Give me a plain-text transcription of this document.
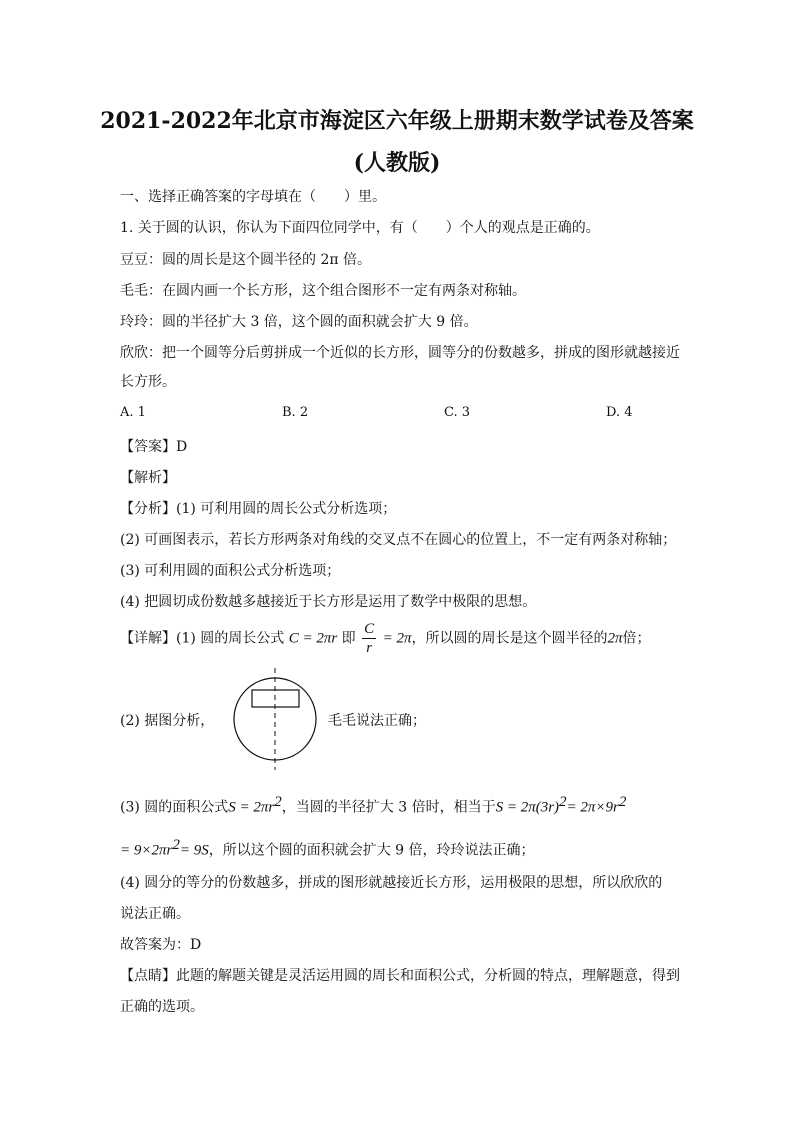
2021-2022年北京市海淀区六年级上册期末数学试卷及答案
(人教版)
一、选择正确答案的字母填在（　　）里。
1. 关于圆的认识，你认为下面四位同学中，有（　　）个人的观点是正确的。
豆豆：圆的周长是这个圆半径的 2π 倍。
毛毛：在圆内画一个长方形，这个组合图形不一定有两条对称轴。
玲玲：圆的半径扩大 3 倍，这个圆的面积就会扩大 9 倍。
欣欣：把一个圆等分后剪拼成一个近似的长方形，圆等分的份数越多，拼成的图形就越接近
长方形。
A. 1	B. 2	C. 3	D. 4
【答案】D
【解析】
【分析】(1) 可利用圆的周长公式分析选项；
(2) 可画图表示，若长方形两条对角线的交叉点不在圆心的位置上，不一定有两条对称轴；
(3) 可利用圆的面积公式分析选项；
(4) 把圆切成份数越多越接近于长方形是运用了数学中极限的思想。
【详解】(1) 圆的周长公式 C = 2πr 即 $\frac{C}{r} = 2\pi$，所以圆的周长是这个圆半径的2π倍；
(2) 据图分析，	毛毛说法正确；
(3) 圆的面积公式$S = 2\pi r^2$，当圆的半径扩大 3 倍时，相当于$S = 2\pi(3r)^2= 2\pi\times 9r^2$
= $9\times 2\pi r^2= 9S$，所以这个圆的面积就会扩大 9 倍，玲玲说法正确；
(4) 圆分的等分的份数越多，拼成的图形就越接近长方形，运用极限的思想，所以欣欣的
说法正确。
故答案为：D
【点睛】此题的解题关键是灵活运用圆的周长和面积公式，分析圆的特点，理解题意，得到
正确的选项。
